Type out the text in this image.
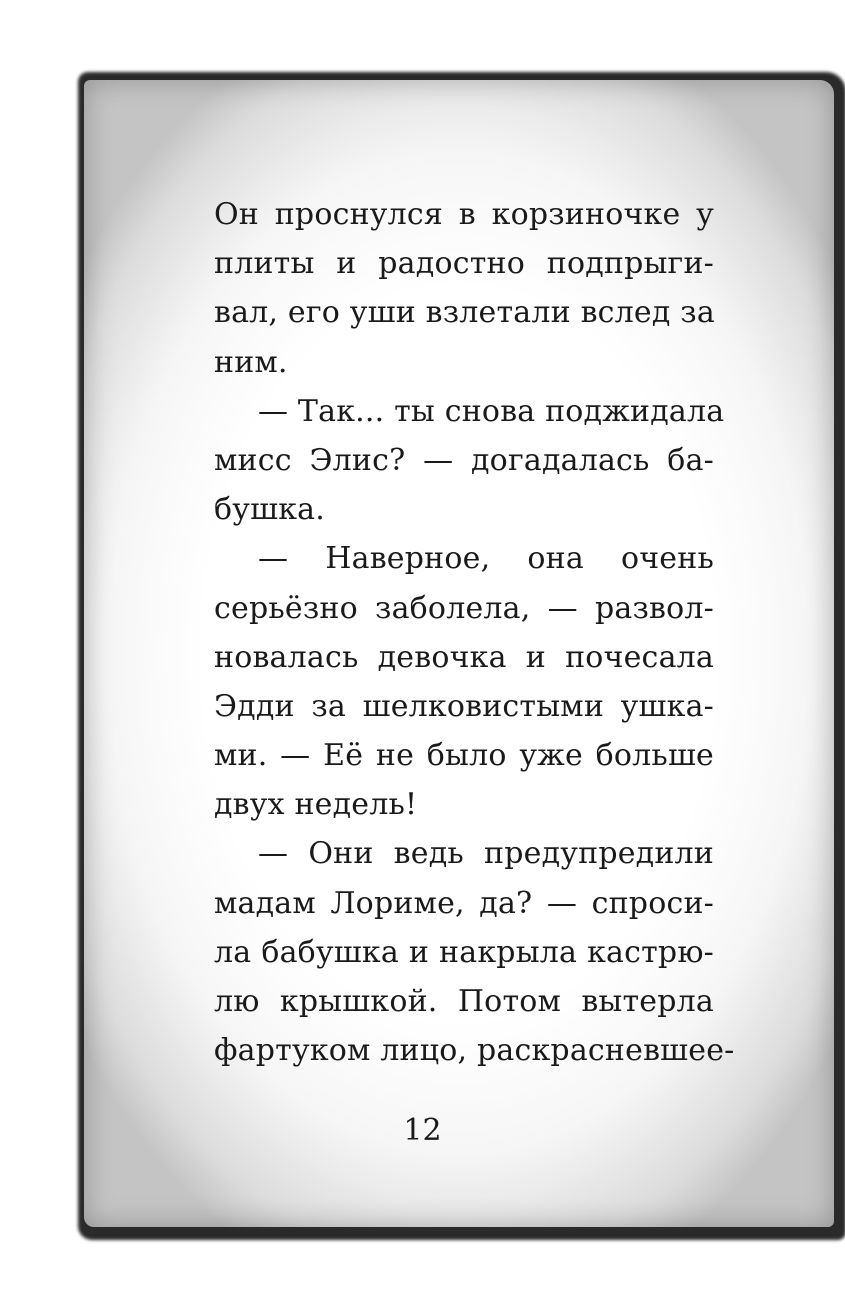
Он проснулся в корзиночке у
плиты и радостно подпрыги-
вал, его уши взлетали вслед за
ним.
— Так... ты снова поджидала
мисс Элис? — догадалась ба-
бушка.
— Наверное, она очень
серьёзно заболела, — развол-
новалась девочка и почесала
Эдди за шелковистыми ушка-
ми. — Её не было уже больше
двух недель!
— Они ведь предупредили
мадам Лориме, да? — спроси-
ла бабушка и накрыла кастрю-
лю крышкой. Потом вытерла
фартуком лицо, раскрасневшее-
12
